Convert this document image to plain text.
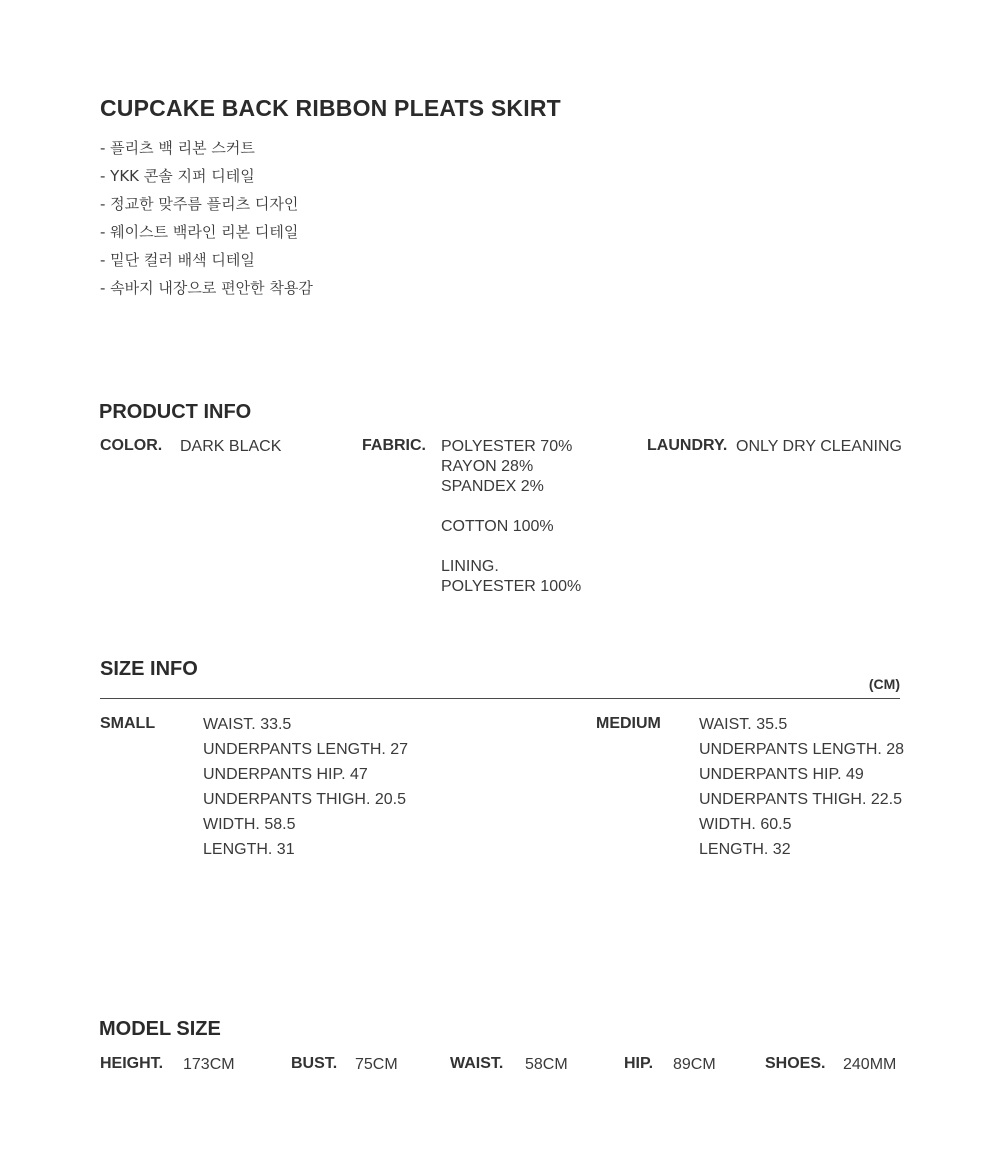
CUPCAKE BACK RIBBON PLEATS SKIRT
- 플리츠 백 리본 스커트
- YKK 콘솔 지퍼 디테일
- 정교한 맞주름 플리츠 디자인
- 웨이스트 백라인 리본 디테일
- 밑단 컬러 배색 디테일
- 속바지 내장으로 편안한 착용감
PRODUCT INFO
COLOR. DARK BLACK	FABRIC. POLYESTER 70%
RAYON 28%
SPANDEX 2%
COTTON 100%
LINING.
POLYESTER 100%
LAUNDRY. ONLY DRY CLEANING
SIZE INFO
(CM)
SMALL	WAIST. 33.5
UNDERPANTS LENGTH. 27
UNDERPANTS HIP. 47
UNDERPANTS THIGH. 20.5
WIDTH. 58.5
LENGTH. 31
MEDIUM WAIST. 35.5
UNDERPANTS LENGTH. 28
UNDERPANTS HIP. 49
UNDERPANTS THIGH. 22.5
WIDTH. 60.5
LENGTH. 32
MODEL SIZE
HEIGHT. 173CM	BUST. 75CM	WAIST. 58CM	HIP. 89CM	SHOES. 240MM
